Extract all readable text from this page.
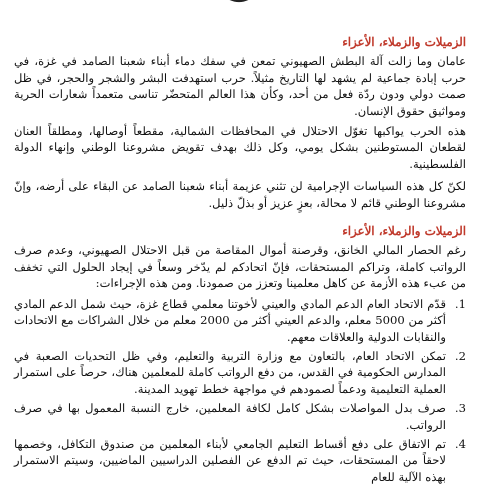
الزميلات والزملاء، الأعزاء

عامان وما زالت آلة البطش الصهيوني تمعن في سفك دماء أبناء شعبنا الصامد في غزة، في حرب إبادة جماعية لم يشهد لها التاريخ مثيلاً. حرب استهدفت البشر والشجر والحجر، في ظل صمت دولي ودون ردّة فعل من أحد، وكأن هذا العالم المتحضّر تناسى متعمداً شعارات الحرية ومواثيق حقوق الإنسان.

هذه الحرب يواكبها تغوّل الاحتلال في المحافظات الشمالية، مقطعاً أوصالها، ومطلقاً العنان لقطعان المستوطنين بشكل يومي، وكل ذلك بهدف تقويض مشروعنا الوطني وإنهاء الدولة الفلسطينية.

لكنّ كل هذه السياسات الإجرامية لن تثني عزيمة أبناء شعبنا الصامد عن البقاء على أرضه، وإنّ مشروعنا الوطني قائم لا محالة، بعزٍ عزيز أو بذلّ ذليل.

الزميلات والزملاء، الأعزاء

رغم الحصار المالي الخانق، وقرصنة أموال المقاصة من قبل الاحتلال الصهيوني، وعدم صرف الرواتب كاملة، وتراكم المستحقات، فإنّ اتحادكم لم يدّخر وسعاً في إيجاد الحلول التي تخفف من عبء هذه الأزمة عن كاهل معلمينا وتعزز من صمودنا. ومن هذه الإجراءات:

1.
قدّم الاتحاد العام الدعم المادي والعيني لأخوتنا معلمي قطاع غزة، حيث شمل الدعم المادي أكثر من 5000 معلم، والدعم العيني أكثر من 2000 معلم من خلال الشراكات مع الاتحادات والنقابات الدولية والعلاقات معهم.
2.
تمكن الاتحاد العام، بالتعاون مع وزارة التربية والتعليم، وفي ظل التحديات الصعبة في المدارس الحكومية في القدس، من دفع الرواتب كاملة للمعلمين هناك، حرصاً على استمرار العملية التعليمية ودعماً لصمودهم في مواجهة خطط تهويد المدينة.
3.
صرف بدل المواصلات بشكل كامل لكافة المعلمين، خارج النسبة المعمول بها في صرف الرواتب.
4.
تم الاتفاق على دفع أقساط التعليم الجامعي لأبناء المعلمين من صندوق التكافل، وخصمها لاحقاً من المستحقات، حيث تم الدفع عن الفصلين الدراسيين الماضيين، وسيتم الاستمرار بهذه الآلية للعام
